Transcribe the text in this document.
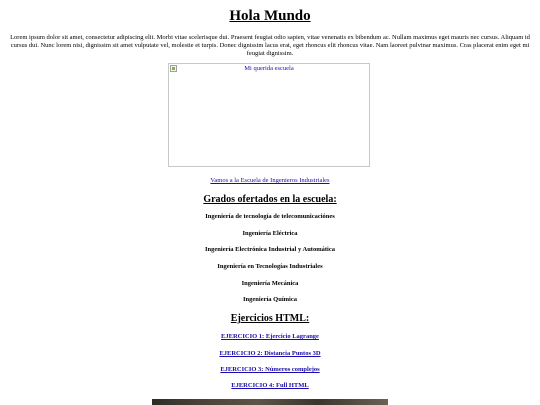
Hola Mundo

Lorem ipsum dolor sit amet, consectetur adipiscing elit. Morbi vitae scelerisque dui. Praesent feugiat odio sapien, vitae venenatis ex bibendum ac. Nullam maximus eget mauris nec cursus. Aliquam id cursus dui. Nunc lorem nisi, dignissim sit amet vulputate vel, molestie et turpis. Donec dignissim lacus erat, eget rhoncus elit rhoncus vitae. Nam laoreet pulvinar maximus. Cras placerat enim eget mi feugiat dignissim.

Mi querida escuela
Vamos a la Escuela de Ingenieros Industriales
Grados ofertados en la escuela:

Ingeniería de tecnología de telecomunicaciónes

Ingeniería Eléctrica

Ingeniería Electrónica Industrial y Automática

Ingeniería en Tecnologías Industriales

Ingeniería Mecánica

Ingeniería Química

Ejercicios HTML:

EJERCICIO 1: Ejercicio Lagrange

EJERCICIO 2: Distancia Puntos 3D

EJERCICIO 3: Números complejos

EJERCICIO 4: Full HTML
